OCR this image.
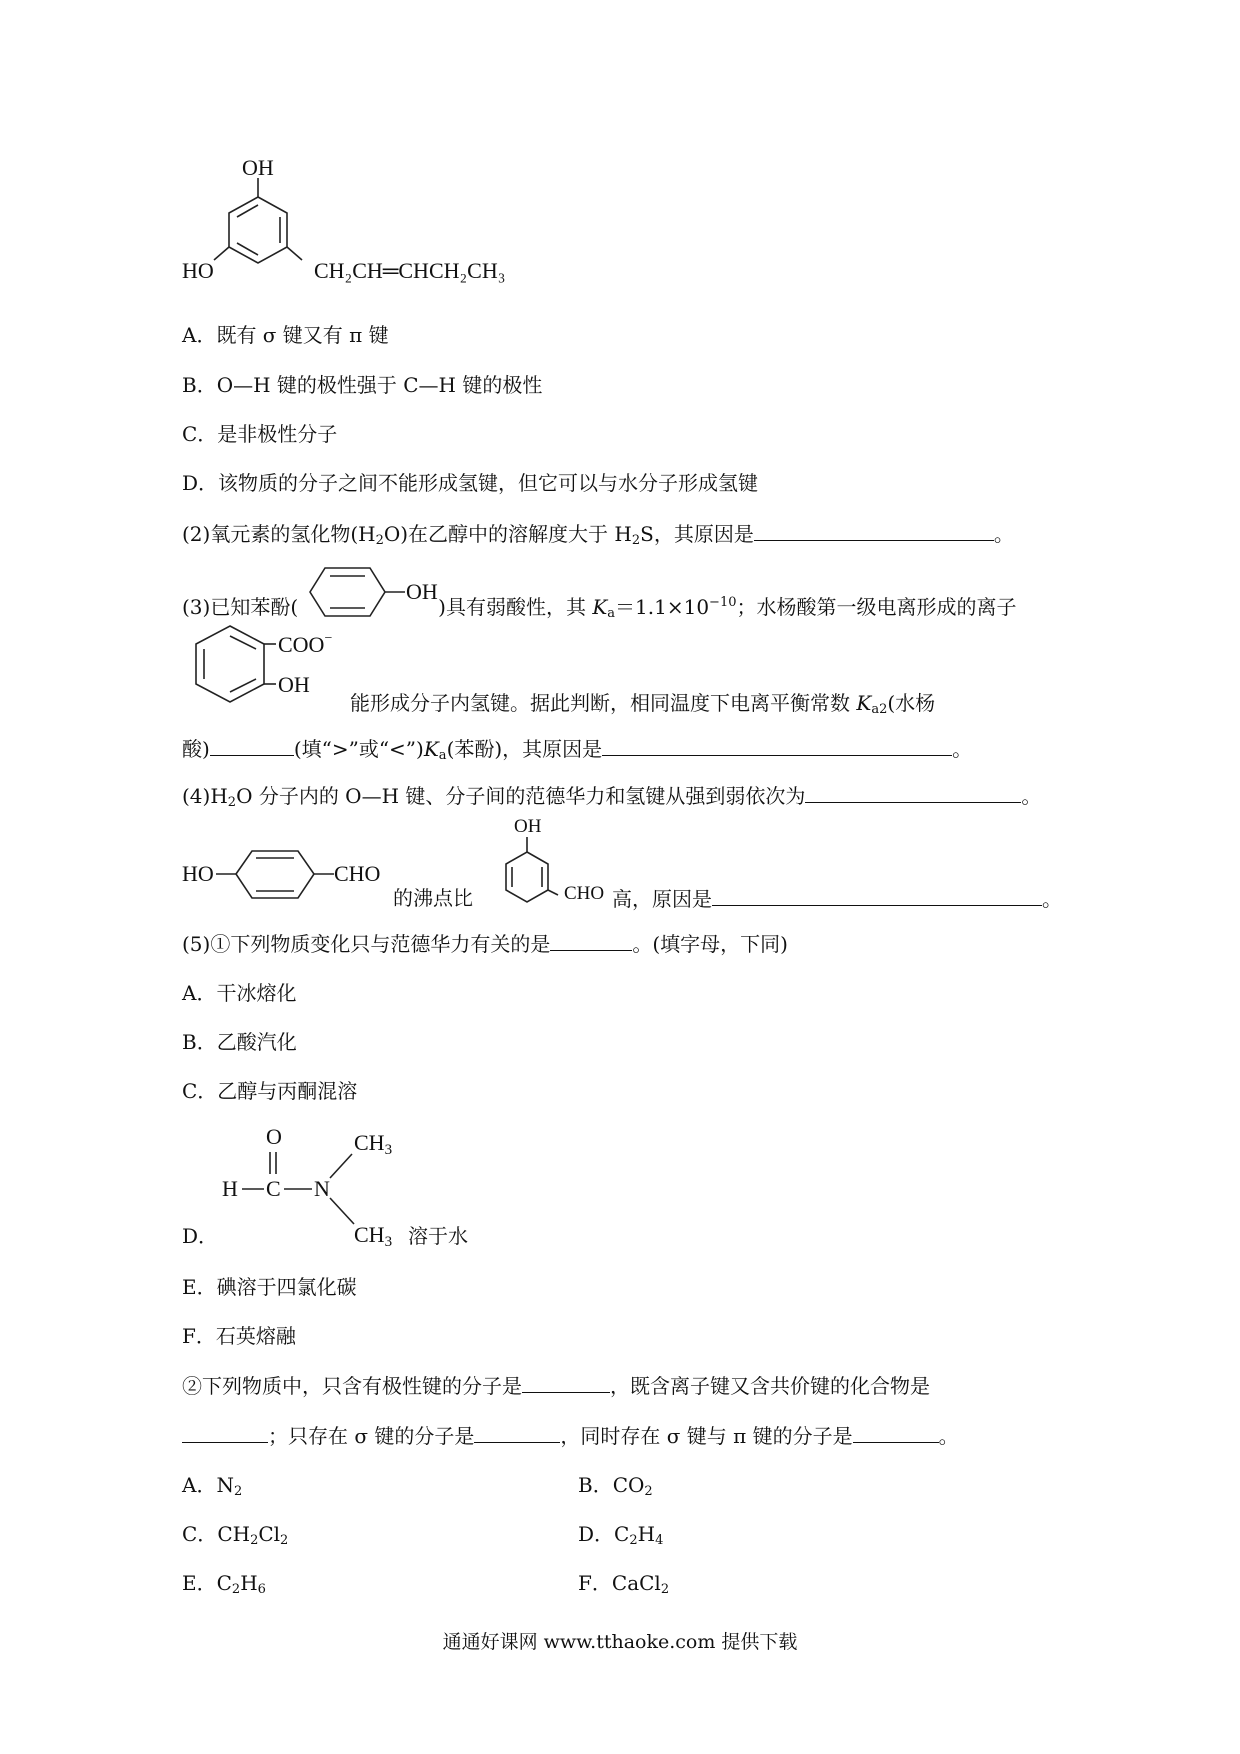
OH
HO	CH₂CH═CHCH₂CH₃
A．既有 σ 键又有 π 键
B．O—H 键的极性强于 C—H 键的极性
C．是非极性分子
D．该物质的分子之间不能形成氢键，但它可以与水分子形成氢键
(2)氧元素的氢化物$(H_2O)$在乙醇中的溶解度大于 $H_2S$，其原因是	。
(3)已知苯酚(	)具有弱酸性，其 $K_a=1.1\times 10^{-10}$；水杨酸第一级电离形成的离子
OH
COO−
OH
能形成分子内氢键。据此判断，相同温度下电离平衡常数 $K_{a2}$(水杨
酸)	(填“>”或“$<”)K_a$(苯酚)，其原因是	。
$(4)H_2O$ 分子内的 O—H 键、分子间的范德华力和氢键从强到弱依次为	。
HO	CHO
的沸点比
OH
CHO 高，原因是	。
(5)①下列物质变化只与范德华力有关的是	。(填字母，下同)
A．干冰熔化
B．乙酸汽化
C．乙醇与丙酮混溶
O
H C N
CH3
CH3
D．	溶于水
E．碘溶于四氯化碳
F．石英熔融
②下列物质中，只含有极性键的分子是	，既含离子键又含共价键的化合物是
；只存在 σ 键的分子是	，同时存在 σ 键与 π 键的分子是	。
A．$N_2$	B．$CO_2$
C．$CH_2Cl_2$	D．$C_2H_4$
E．$C_2H_6$	F．CaCl$_2$
通通好课网 www.tthaoke.com 提供下载
